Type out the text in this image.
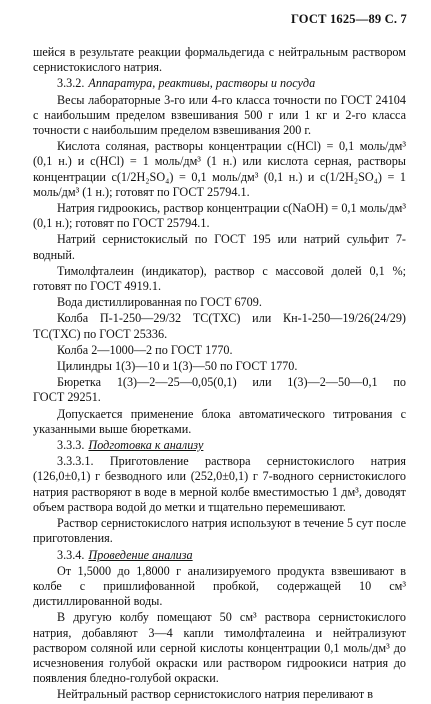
ГОСТ 1625—89 С. 7

шейся в результате реакции формальдегида с нейтральным раствором сернистокислого натрия.

3.3.2. Аппаратура, реактивы, растворы и посуда

Весы лабораторные 3-го или 4-го класса точности по ГОСТ 24104 с наибольшим пределом взвешивания 500 г или 1 кг и 2-го класса точности с наибольшим пределом взвешивания 200 г.

Кислота соляная, растворы концентрации c(HCl) = 0,1 моль/дм³ (0,1 н.) и c(HCl) = 1 моль/дм³ (1 н.) или кислота серная, растворы концентрации c(1/2H₂SO₄) = 0,1 моль/дм³ (0,1 н.) и c(1/2H₂SO₄) = 1 моль/дм³ (1 н.); готовят по ГОСТ 25794.1.

Натрия гидроокись, раствор концентрации c(NaOH) = 0,1 моль/дм³ (0,1 н.); готовят по ГОСТ 25794.1.

Натрий сернистокислый по ГОСТ 195 или натрий сульфит 7-водный.

Тимолфталеин (индикатор), раствор с массовой долей 0,1 %; готовят по ГОСТ 4919.1.

Вода дистиллированная по ГОСТ 6709.

Колба П-1-250—29/32 ТС(ТХС) или Кн-1-250—19/26(24/29) ТС(ТХС) по ГОСТ 25336.

Колба 2—1000—2 по ГОСТ 1770.

Цилиндры 1(3)—10 и 1(3)—50 по ГОСТ 1770.

Бюретка 1(3)—2—25—0,05(0,1) или 1(3)—2—50—0,1 по
ГОСТ 29251.

Допускается применение блока автоматического титрования с указанными выше бюретками.

3.3.3. Подготовка к анализу

3.3.3.1. Приготовление раствора сернистокислого натрия (126,0±0,1) г безводного или (252,0±0,1) г 7-водного сернистокислого натрия растворяют в воде в мерной колбе вместимостью 1 дм³, доводят объем раствора водой до метки и тщательно перемешивают.

Раствор сернистокислого натрия используют в течение 5 сут после приготовления.

3.3.4. Проведение анализа

От 1,5000 до 1,8000 г анализируемого продукта взвешивают в колбе с пришлифованной пробкой, содержащей 10 см³ дистиллированной воды.

В другую колбу помещают 50 см³ раствора сернистокислого натрия, добавляют 3—4 капли тимолфталеина и нейтрализуют раствором соляной или серной кислоты концентрации 0,1 моль/дм³ до исчезновения голубой окраски или раствором гидроокиси натрия до появления бледно-голубой окраски.

Нейтральный раствор сернистокислого натрия переливают в
